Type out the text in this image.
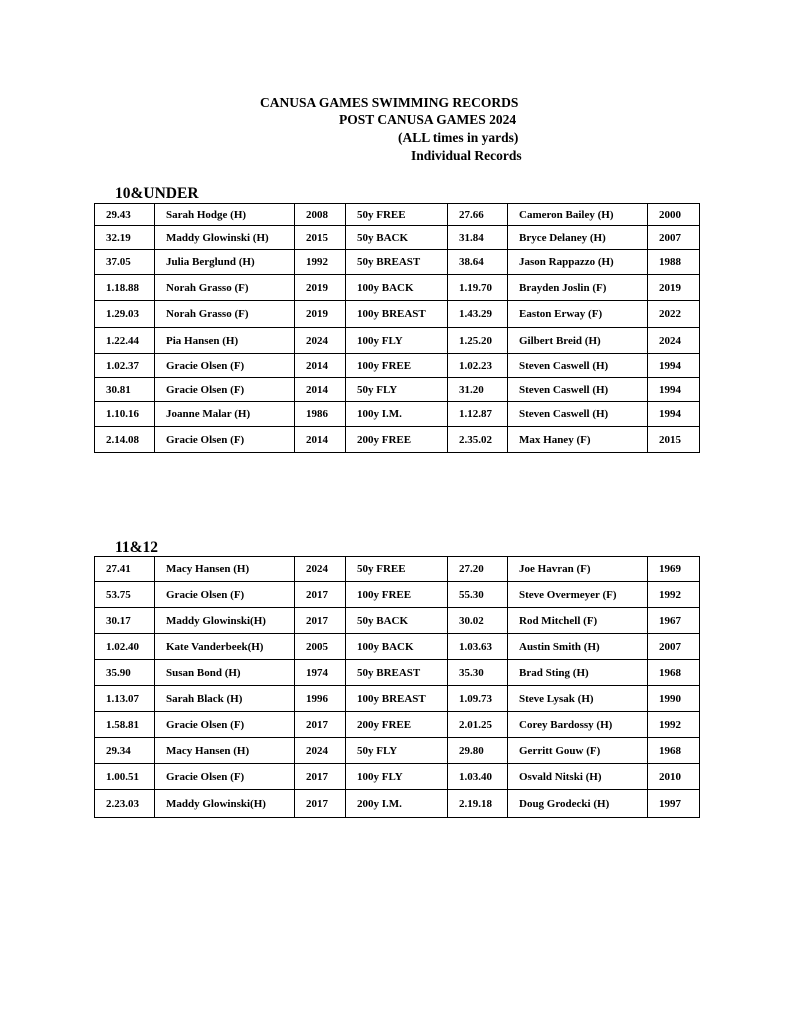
CANUSA GAMES SWIMMING RECORDS
POST CANUSA GAMES 2024
(ALL times in yards)
Individual Records
10&UNDER
29.43	Sarah Hodge (H)	2008	50y FREE	27.66	Cameron Bailey (H)	2000
32.19	Maddy Glowinski (H)	2015	50y BACK	31.84	Bryce Delaney (H)	2007
37.05	Julia Berglund (H)	1992	50y BREAST	38.64	Jason Rappazzo (H)	1988
1.18.88	Norah Grasso (F)	2019	100y BACK	1.19.70	Brayden Joslin (F)	2019
1.29.03	Norah Grasso (F)	2019	100y BREAST	1.43.29	Easton Erway (F)	2022
1.22.44	Pia Hansen (H)	2024	100y FLY	1.25.20	Gilbert Breid (H)	2024
1.02.37	Gracie Olsen (F)	2014	100y FREE	1.02.23	Steven Caswell (H)	1994
30.81	Gracie Olsen (F)	2014	50y FLY	31.20	Steven Caswell (H)	1994
1.10.16	Joanne Malar (H)	1986	100y I.M.	1.12.87	Steven Caswell (H)	1994
2.14.08	Gracie Olsen (F)	2014	200y FREE	2.35.02	Max Haney (F)	2015
11&12
27.41	Macy Hansen (H)	2024	50y FREE	27.20	Joe Havran (F)	1969
53.75	Gracie Olsen (F)	2017	100y FREE	55.30	Steve Overmeyer (F)	1992
30.17	Maddy Glowinski(H)	2017	50y BACK	30.02	Rod Mitchell (F)	1967
1.02.40	Kate Vanderbeek(H)	2005	100y BACK	1.03.63	Austin Smith (H)	2007
35.90	Susan Bond (H)	1974	50y BREAST	35.30	Brad Sting (H)	1968
1.13.07	Sarah Black (H)	1996	100y BREAST	1.09.73	Steve Lysak (H)	1990
1.58.81	Gracie Olsen (F)	2017	200y FREE	2.01.25	Corey Bardossy (H)	1992
29.34	Macy Hansen (H)	2024	50y FLY	29.80	Gerritt Gouw (F)	1968
1.00.51	Gracie Olsen (F)	2017	100y FLY	1.03.40	Osvald Nitski (H)	2010
2.23.03	Maddy Glowinski(H)	2017	200y I.M.	2.19.18	Doug Grodecki (H)	1997
